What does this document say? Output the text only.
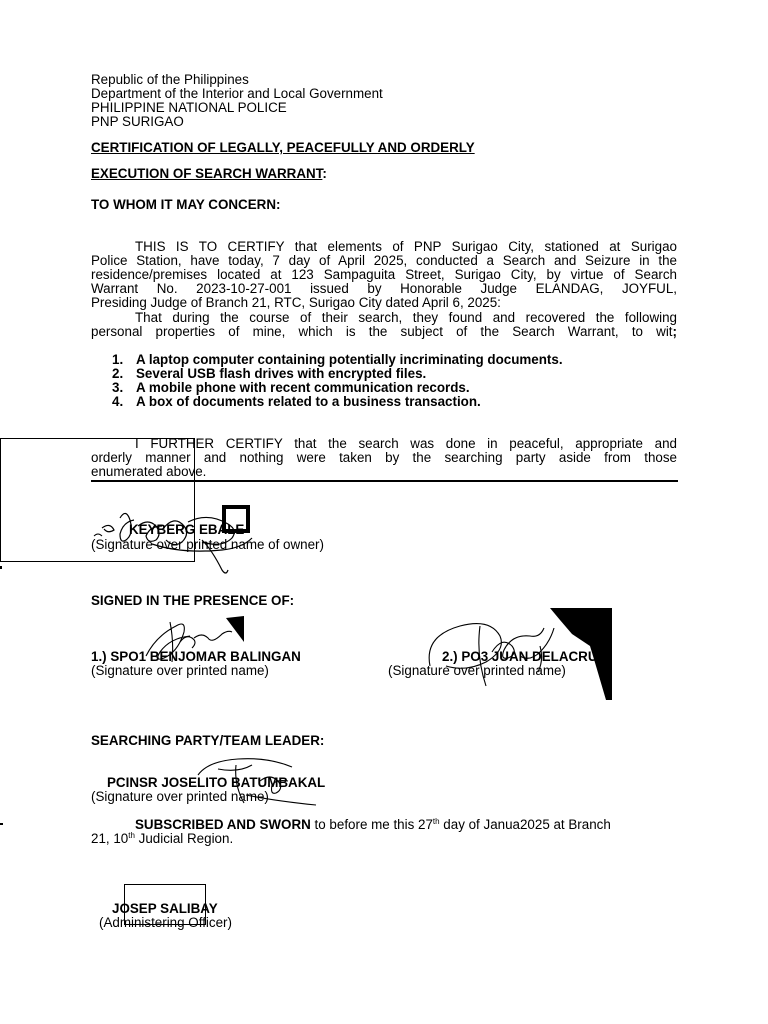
Republic of the Philippines
Department of the Interior and Local Government
PHILIPPINE NATIONAL POLICE
PNP SURIGAO
CERTIFICATION OF LEGALLY, PEACEFULLY AND ORDERLY
EXECUTION OF SEARCH WARRANT:
TO WHOM IT MAY CONCERN:
THIS IS TO CERTIFY that elements of PNP Surigao City, stationed at Surigao
Police Station, have today, 7 day of April 2025, conducted a Search and Seizure in the
residence/premises located at 123 Sampaguita Street, Surigao City, by virtue of Search
Warrant No. 2023-10-27-001 issued by Honorable Judge ELANDAG, JOYFUL,
Presiding Judge of Branch 21, RTC, Surigao City dated April 6, 2025:
That during the course of their search, they found and recovered the following
personal properties of mine, which is the subject of the Search Warrant, to wit;
1. A laptop computer containing potentially incriminating documents.
2. Several USB flash drives with encrypted files.
3. A mobile phone with recent communication records.
4. A box of documents related to a business transaction.
I FURTHER CERTIFY that the search was done in peaceful, appropriate and
orderly manner and nothing were taken by the searching party aside from those
enumerated above.
KEYBERG EBALE
(Signature over printed name of owner)
SIGNED IN THE PRESENCE OF:
1.) SPO1 BENJOMAR BALINGAN
(Signature over printed name)
2.) PO3 JUAN DELACRUZ
(Signature over printed name)
SEARCHING PARTY/TEAM LEADER:
PCINSR JOSELITO BATUMBAKAL
(Signature over printed name)
SUBSCRIBED AND SWORN to before me this 27th day of Janua2025 at Branch
21, 10th Judicial Region.
JOSEP SALIBAY
(Administering Officer)
